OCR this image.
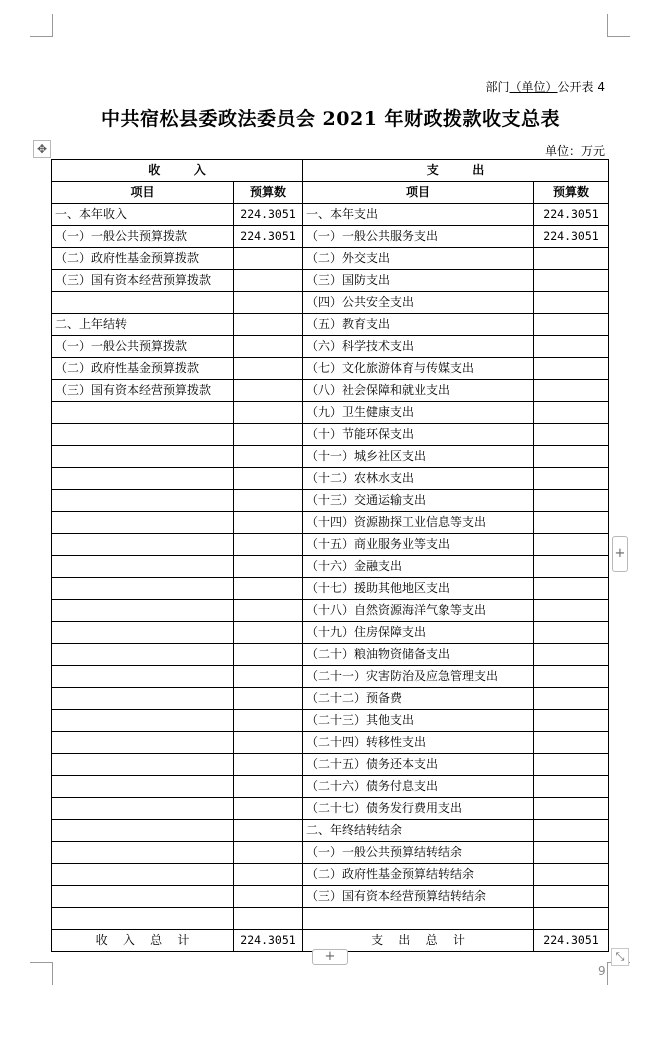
部门（单位）公开表 4
中共宿松县委政法委员会 2021 年财政拨款收支总表
单位：万元
✥
收        入		支        出	
项目	预算数	项目	预算数
一、本年收入	224.3051	一、本年支出	224.3051
（一）一般公共预算拨款	224.3051	（一）一般公共服务支出	224.3051
（二）政府性基金预算拨款		（二）外交支出	
（三）国有资本经营预算拨款		（三）国防支出	
		（四）公共安全支出	
二、上年结转		（五）教育支出	
（一）一般公共预算拨款		（六）科学技术支出	
（二）政府性基金预算拨款		（七）文化旅游体育与传媒支出	
（三）国有资本经营预算拨款		（八）社会保障和就业支出	
		（九）卫生健康支出	
		（十）节能环保支出	
		（十一）城乡社区支出	
		（十二）农林水支出	
		（十三）交通运输支出	
		（十四）资源勘探工业信息等支出	
		（十五）商业服务业等支出	
		（十六）金融支出	
		（十七）援助其他地区支出	
		（十八）自然资源海洋气象等支出	
		（十九）住房保障支出	
		（二十）粮油物资储备支出	
		（二十一）灾害防治及应急管理支出	
		（二十二）预备费	
		（二十三）其他支出	
		（二十四）转移性支出	
		（二十五）债务还本支出	
		（二十六）债务付息支出	
		（二十七）债务发行费用支出	
		二、年终结转结余	
		（一）一般公共预算结转结余	
		（二）政府性基金预算结转结余	
		（三）国有资本经营预算结转结余	

收    入    总    计	224.3051	支    出    总    计	224.3051
+
+
⤡
9
